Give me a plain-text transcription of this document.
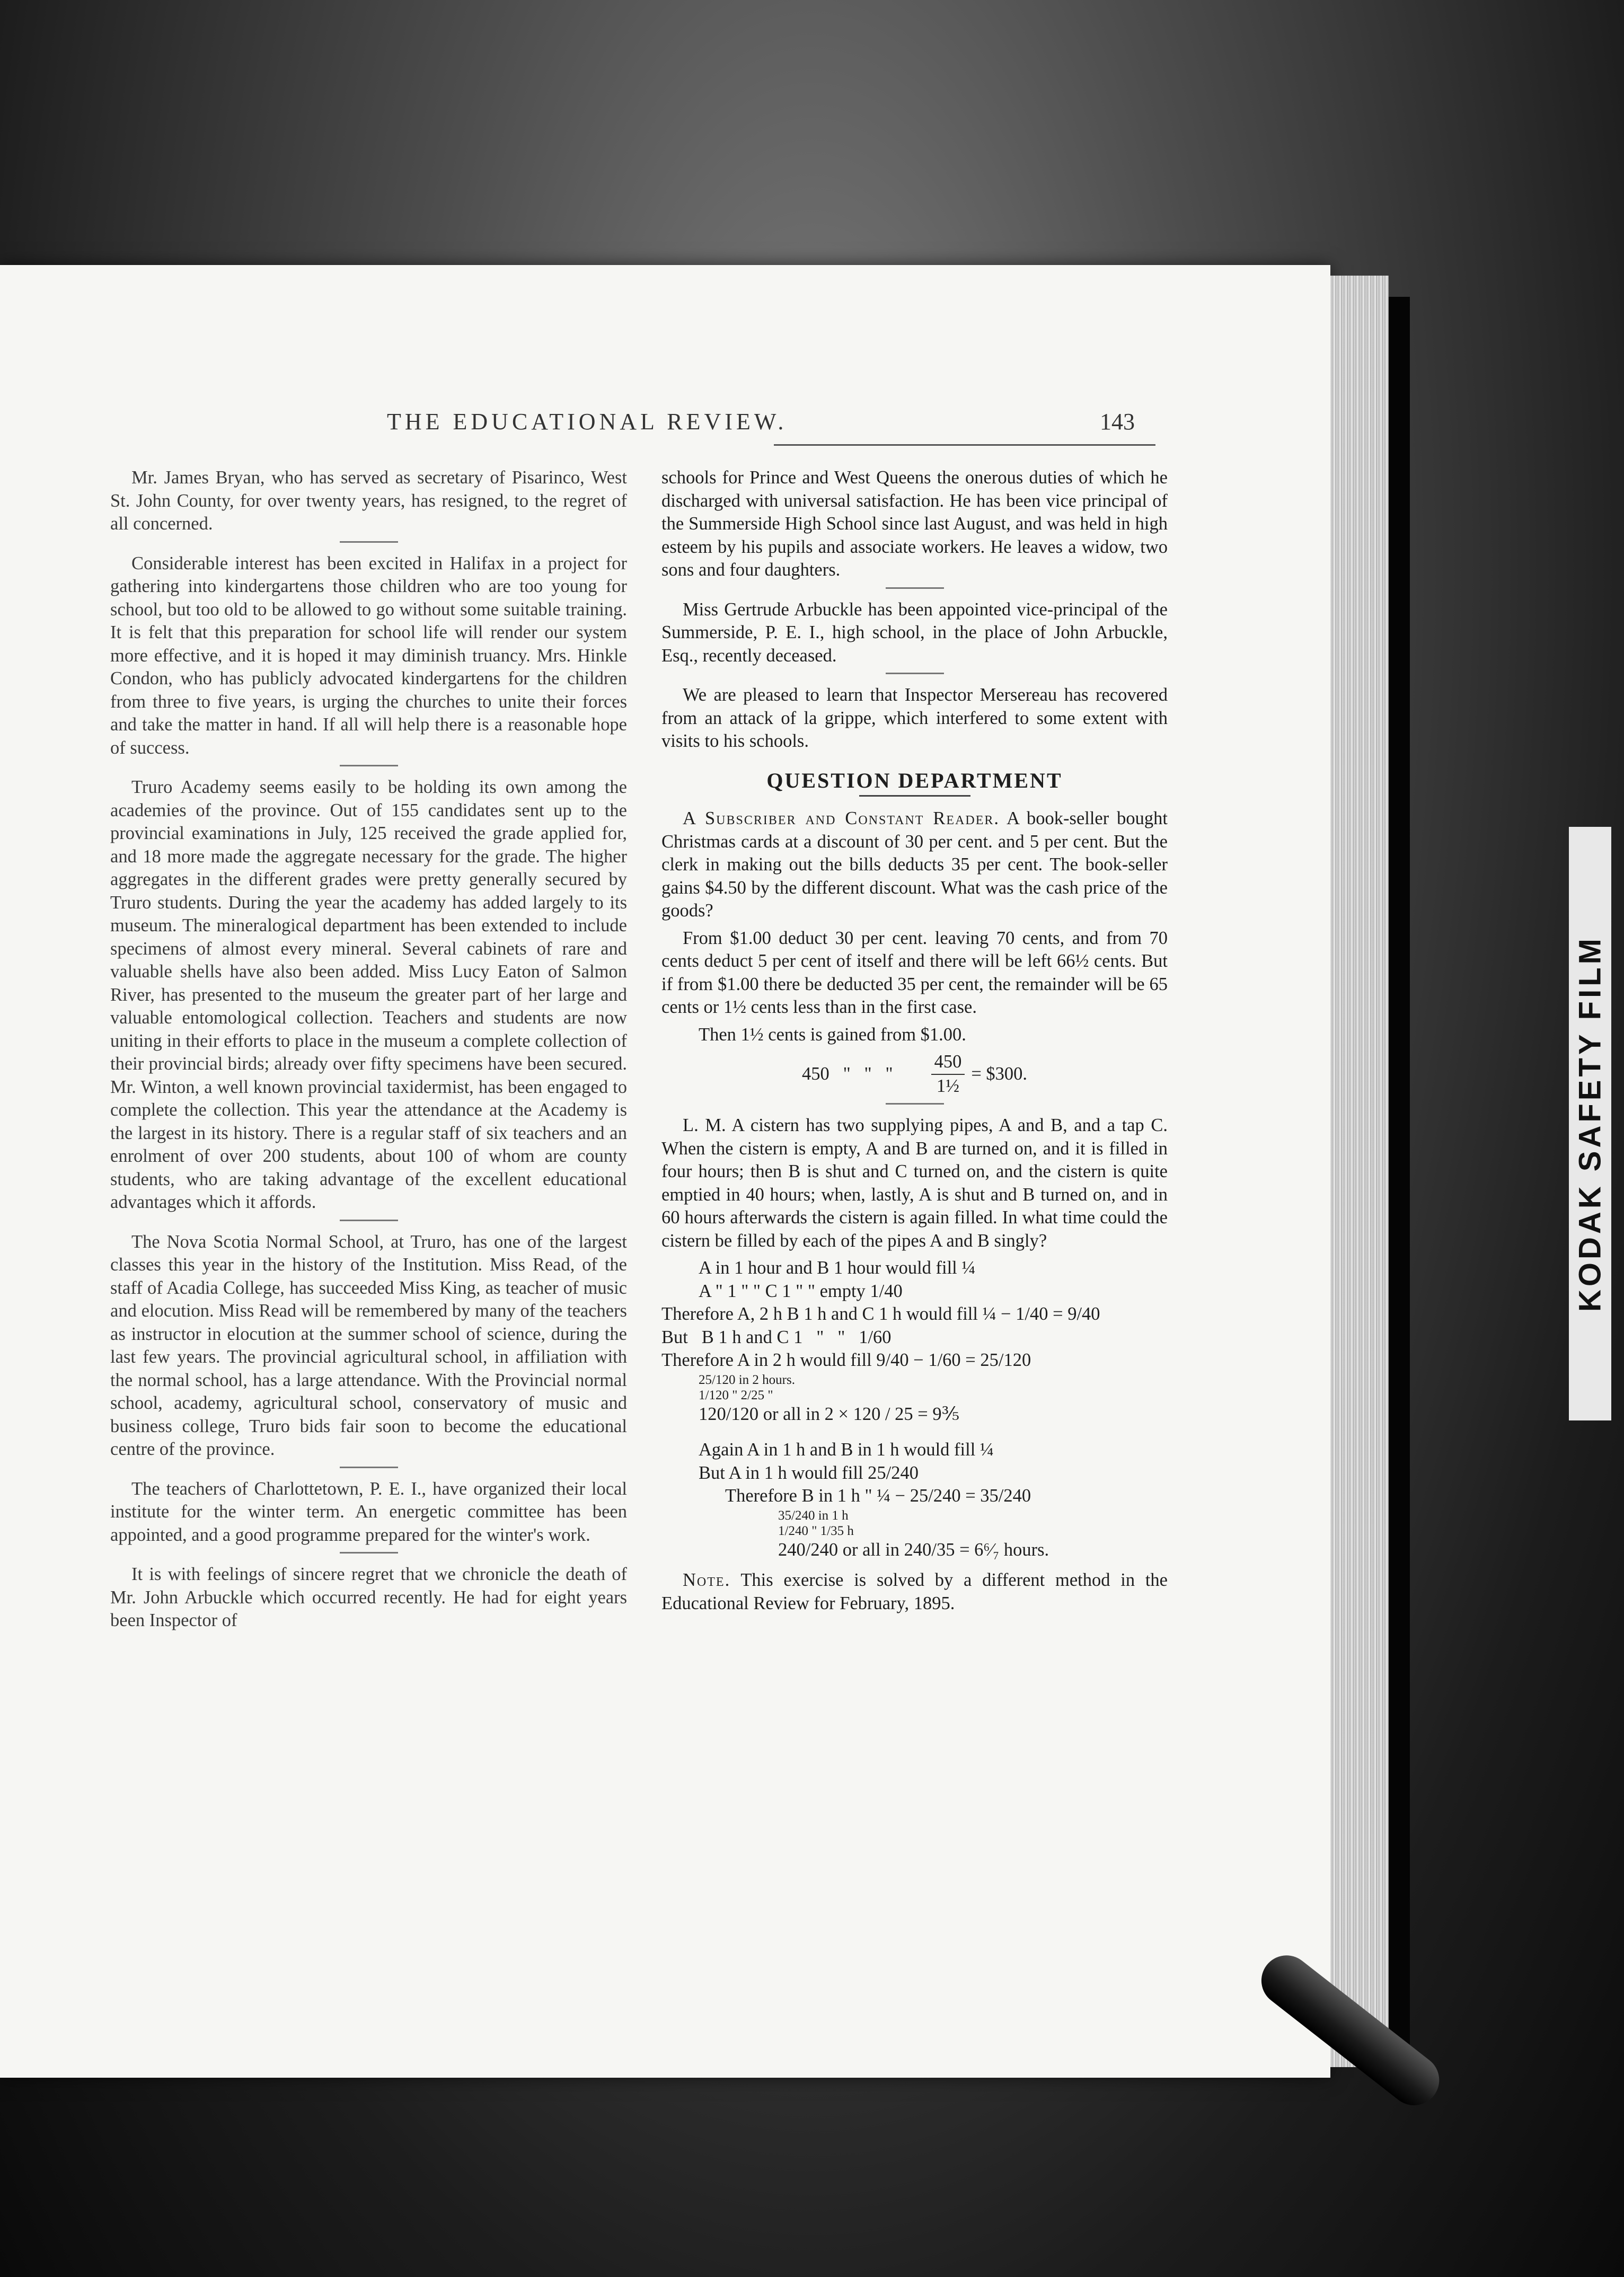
KODAK SAFETY FILM
THE EDUCATIONAL REVIEW.	143

Mr. James Bryan, who has served as secretary of Pisarinco, West St. John County, for over twenty years, has resigned, to the regret of all concerned.

Considerable interest has been excited in Halifax in a project for gathering into kindergartens those children who are too young for school, but too old to be allowed to go without some suitable training. It is felt that this preparation for school life will render our system more effective, and it is hoped it may diminish truancy. Mrs. Hinkle Condon, who has publicly advocated kindergartens for the children from three to five years, is urging the churches to unite their forces and take the matter in hand. If all will help there is a reasonable hope of success.

Truro Academy seems easily to be holding its own among the academies of the province. Out of 155 candidates sent up to the provincial examinations in July, 125 received the grade applied for, and 18 more made the aggregate necessary for the grade. The higher aggregates in the different grades were pretty generally secured by Truro students. During the year the academy has added largely to its museum. The mineralogical department has been extended to include specimens of almost every mineral. Several cabinets of rare and valuable shells have also been added. Miss Lucy Eaton of Salmon River, has presented to the museum the greater part of her large and valuable entomological collection. Teachers and students are now uniting in their efforts to place in the museum a complete collection of their provincial birds; already over fifty specimens have been secured. Mr. Winton, a well known provincial taxidermist, has been engaged to complete the collection. This year the attendance at the Academy is the largest in its history. There is a regular staff of six teachers and an enrolment of over 200 students, about 100 of whom are county students, who are taking advantage of the excellent educational advantages which it affords.

The Nova Scotia Normal School, at Truro, has one of the largest classes this year in the history of the Institution. Miss Read, of the staff of Acadia College, has succeeded Miss King, as teacher of music and elocution. Miss Read will be remembered by many of the teachers as instructor in elocution at the summer school of science, during the last few years. The provincial agricultural school, in affiliation with the normal school, has a large attendance. With the Provincial normal school, academy, agricultural school, conservatory of music and business college, Truro bids fair soon to become the educational centre of the province.

The teachers of Charlottetown, P. E. I., have organized their local institute for the winter term. An energetic committee has been appointed, and a good programme prepared for the winter's work.

It is with feelings of sincere regret that we chronicle the death of Mr. John Arbuckle which occurred recently. He had for eight years been Inspector of

schools for Prince and West Queens the onerous duties of which he discharged with universal satisfaction. He has been vice principal of the Summerside High School since last August, and was held in high esteem by his pupils and associate workers. He leaves a widow, two sons and four daughters.

Miss Gertrude Arbuckle has been appointed vice-principal of the Summerside, P. E. I., high school, in the place of John Arbuckle, Esq., recently deceased.

We are pleased to learn that Inspector Mersereau has recovered from an attack of la grippe, which interfered to some extent with visits to his schools.

QUESTION DEPARTMENT

A Subscriber and Constant Reader. A book-seller bought Christmas cards at a discount of 30 per cent. and 5 per cent. But the clerk in making out the bills deducts 35 per cent. The book-seller gains $4.50 by the different discount. What was the cash price of the goods?

From $1.00 deduct 30 per cent. leaving 70 cents, and from 70 cents deduct 5 per cent of itself and there will be left 66½ cents. But if from $1.00 there be deducted 35 per cent, the remainder will be 65 cents or 1½ cents less than in the first case.

Then 1½ cents is gained from $1.00.

450   "   "   " $\frac{450}{\text{1½}}$ = $300.

L. M. A cistern has two supplying pipes, A and B, and a tap C. When the cistern is empty, A and B are turned on, and it is filled in four hours; then B is shut and C turned on, and the cistern is quite emptied in 40 hours; when, lastly, A is shut and B turned on, and in 60 hours afterwards the cistern is again filled. In what time could the cistern be filled by each of the pipes A and B singly?

A in 1 hour and B 1 hour would fill ¼

A " 1 " " C 1 " " empty 1/40

Therefore A, 2 h B 1 h and C 1 h would fill ¼ − 1/40 = 9/40

But   B 1 h and C 1   "   "   1/60

Therefore A in 2 h would fill 9/40 − 1/60 = 25/120

25/120 in 2 hours.

1/120 " 2/25 "

120/120 or all in 2 × 120 / 25 = 9⅗

Again A in 1 h and B in 1 h would fill ¼

But A in 1 h would fill 25/240

Therefore B in 1 h " ¼ − 25/240 = 35/240

35/240 in 1 h

1/240 " 1/35 h

240/240 or all in 240/35 = 6⁶⁄₇ hours.

Note. This exercise is solved by a different method in the Educational Review for February, 1895.
